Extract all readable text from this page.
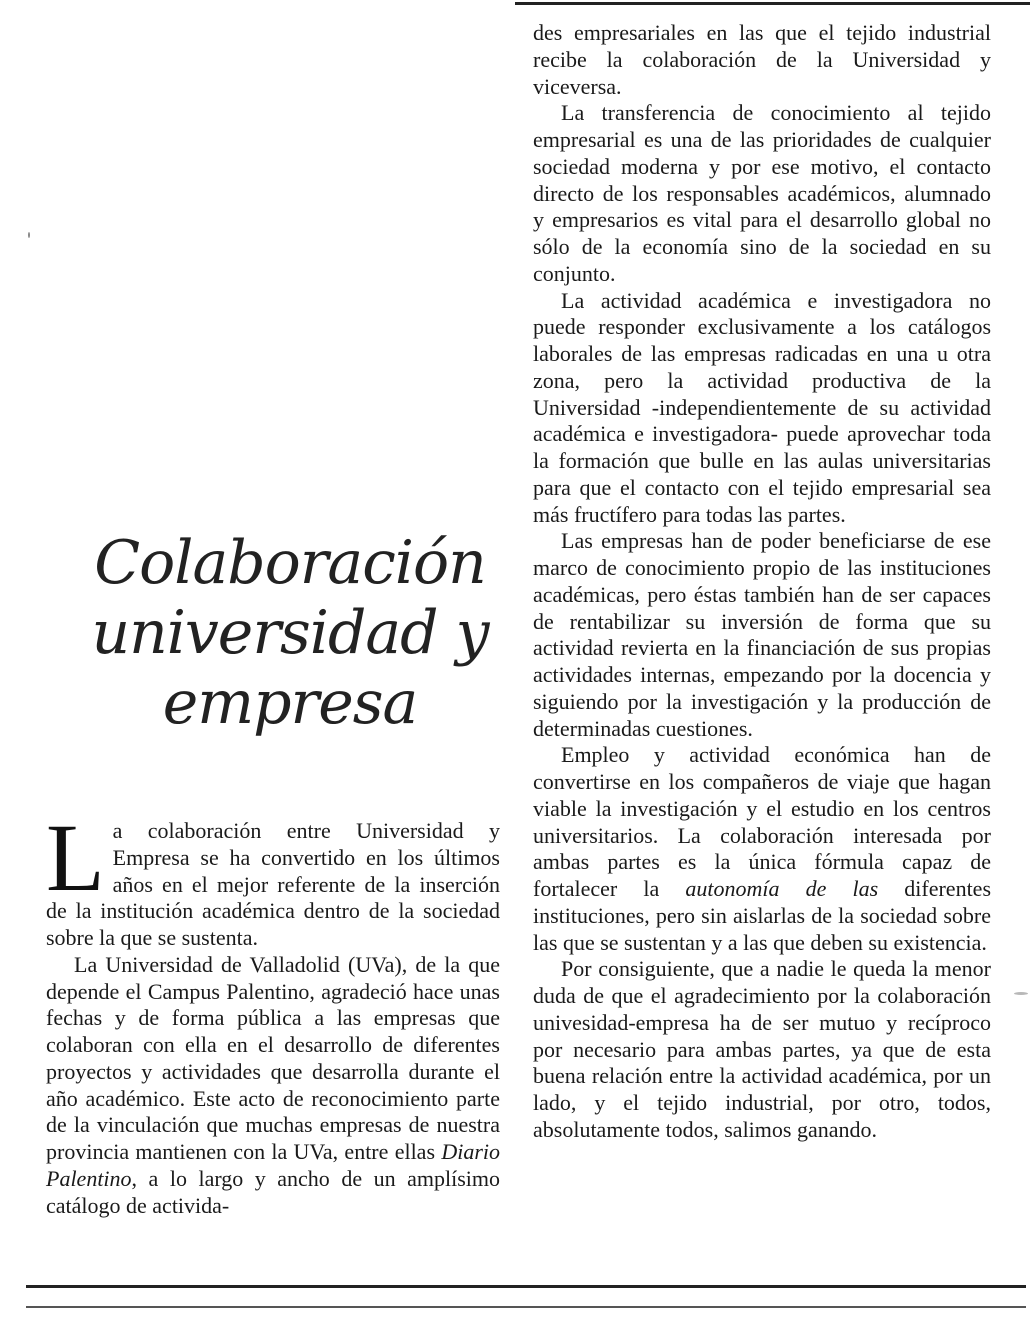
Colaboración
universidad y
empresa

La colaboración entre Universidad y Empresa se ha convertido en los últimos años en el mejor referente de la inserción de la institución académica dentro de la sociedad sobre la que se sustenta.

La Universidad de Valladolid (UVa), de la que depende el Campus Palentino, agradeció hace unas fechas y de forma pública a las empresas que colaboran con ella en el desarrollo de diferentes proyectos y actividades que desarrolla durante el año académico. Este acto de reconocimiento parte de la vinculación que muchas empresas de nuestra provincia mantienen con la UVa, entre ellas Diario Palentino, a lo largo y ancho de un amplísimo catálogo de activida-

des empresariales en las que el tejido industrial recibe la colaboración de la Universidad y viceversa.

La transferencia de conocimiento al tejido empresarial es una de las prioridades de cualquier sociedad moderna y por ese motivo, el contacto directo de los responsables académicos, alumnado y empresarios es vital para el desarrollo global no sólo de la economía sino de la sociedad en su conjunto.

La actividad académica e investigadora no puede responder exclusivamente a los catálogos laborales de las empresas radicadas en una u otra zona, pero la actividad productiva de la Universidad -independientemente de su actividad académica e investigadora- puede aprovechar toda la formación que bulle en las aulas universitarias para que el contacto con el tejido empresarial sea más fructífero para todas las partes.

Las empresas han de poder beneficiarse de ese marco de conocimiento propio de las instituciones académicas, pero éstas también han de ser capaces de rentabilizar su inversión de forma que su actividad revierta en la financiación de sus propias actividades internas, empezando por la docencia y siguiendo por la investigación y la producción de determinadas cuestiones.

Empleo y actividad económica han de convertirse en los compañeros de viaje que hagan viable la investigación y el estudio en los centros universitarios. La colaboración interesada por ambas partes es la única fórmula capaz de fortalecer la autonomía de las diferentes instituciones, pero sin aislarlas de la sociedad sobre las que se sustentan y a las que deben su existencia.

Por consiguiente, que a nadie le queda la menor duda de que el agradecimiento por la colaboración univesidad-empresa ha de ser mutuo y recíproco por necesario para ambas partes, ya que de esta buena relación entre la actividad académica, por un lado, y el tejido industrial, por otro, todos, absolutamente todos, salimos ganando.
